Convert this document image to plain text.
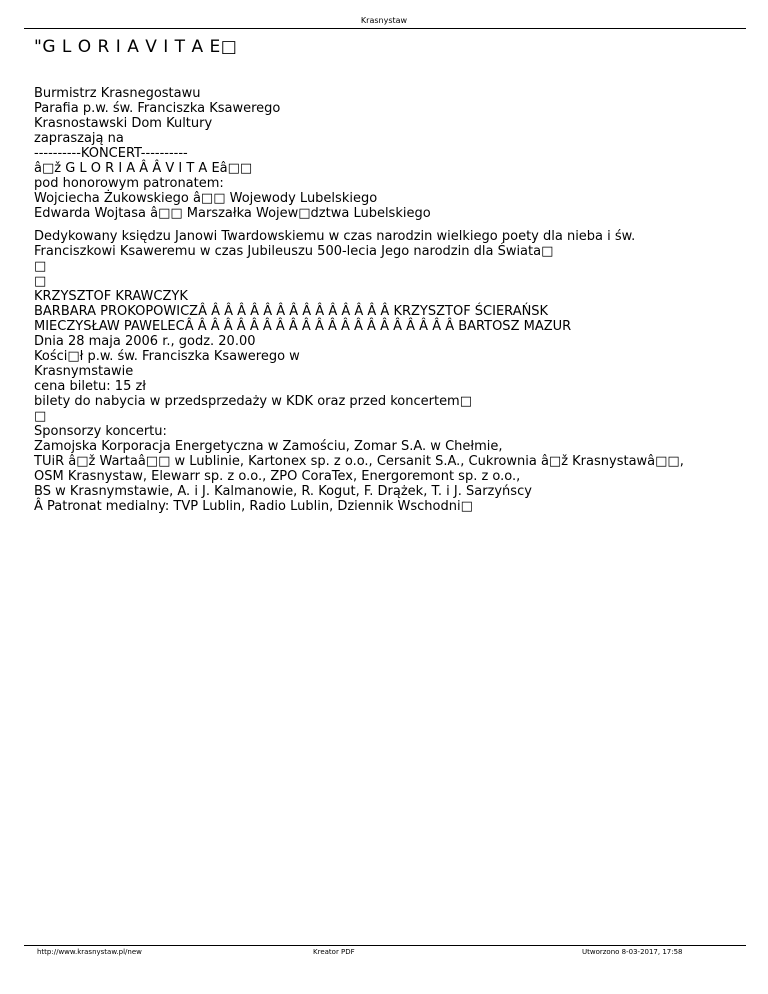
Krasnystaw
"G L O R I A V I T A E□
Burmistrz Krasnegostawu
Parafia p.w. św. Franciszka Ksawerego
Krasnostawski Dom Kultury
zapraszają na
----------KONCERT----------
â□ž G L O R I A Â Â V I T A Eâ□□
pod honorowym patronatem:
Wojciecha Żukowskiego â□□ Wojewody Lubelskiego
Edwarda Wojtasa â□□ Marszałka Wojew□dztwa Lubelskiego
Dedykowany księdzu Janowi Twardowskiemu w czas narodzin wielkiego poety dla nieba i św.
Franciszkowi Ksaweremu w czas Jubileuszu 500-lecia Jego narodzin dla Świata□
□
□
KRZYSZTOF KRAWCZYK
BARBARA PROKOPOWICZÂ Â Â Â Â Â Â Â Â Â Â Â Â Â Â KRZYSZTOF ŚCIERAŃSK
MIECZYSŁAW PAWELECÂ Â Â Â Â Â Â Â Â Â Â Â Â Â Â Â Â Â Â Â Â BARTOSZ MAZUR
Dnia 28 maja 2006 r., godz. 20.00
Kości□ł p.w. św. Franciszka Ksawerego w
Krasnymstawie
cena biletu: 15 zł
bilety do nabycia w przedsprzedaży w KDK oraz przed koncertem□
□
Sponsorzy koncertu:
Zamojska Korporacja Energetyczna w Zamościu, Zomar S.A. w Chełmie,
TUiR â□ž Wartaâ□□ w Lublinie, Kartonex sp. z o.o., Cersanit S.A., Cukrownia â□ž Krasnystawâ□□,
OSM Krasnystaw, Elewarr sp. z o.o., ZPO CoraTex, Energoremont sp. z o.o.,
BS w Krasnymstawie, A. i J. Kalmanowie, R. Kogut, F. Drążek, T. i J. Sarzyńscy
Â Patronat medialny: TVP Lublin, Radio Lublin, Dziennik Wschodni□
http://www.krasnystaw.pl/new	Kreator PDF	Utworzono 8-03-2017, 17:58
